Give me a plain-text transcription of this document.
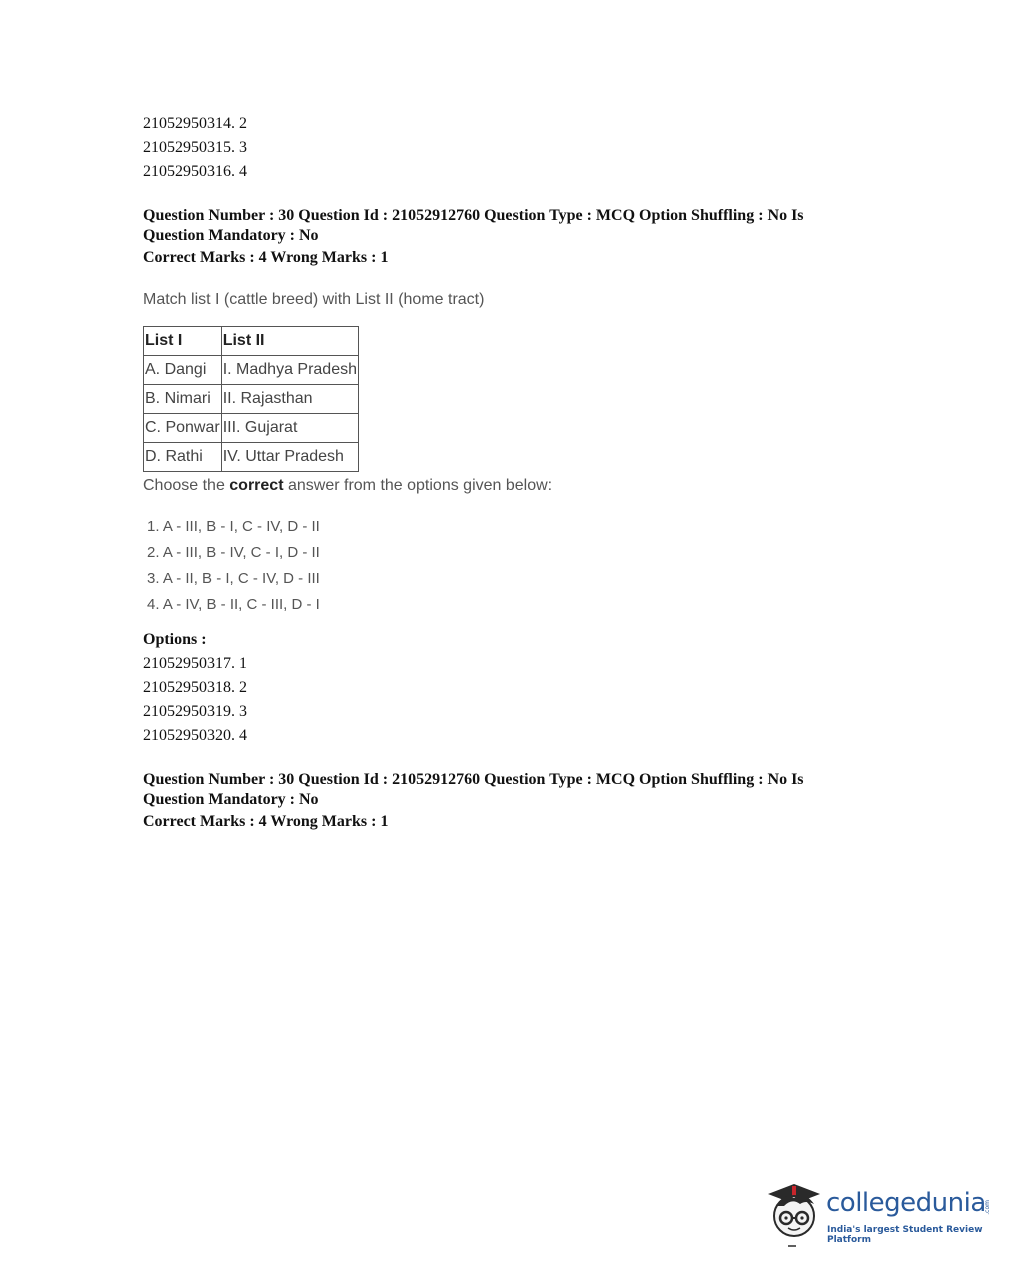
21052950314. 2
21052950315. 3
21052950316. 4
Question Number : 30 Question Id : 21052912760 Question Type : MCQ Option Shuffling : No Is
Question Mandatory : No
Correct Marks : 4 Wrong Marks : 1
Match list I (cattle breed) with List II (home tract)
List I	List II
A. Dangi	I. Madhya Pradesh
B. Nimari	II. Rajasthan
C. Ponwar	III. Gujarat
D. Rathi	IV. Uttar Pradesh
Choose the correct answer from the options given below:
1. A - III, B - I, C - IV, D - II
2. A - III, B - IV, C - I, D - II
3. A - II, B - I, C - IV, D - III
4. A - IV, B - II, C - III, D - I
Options :
21052950317. 1
21052950318. 2
21052950319. 3
21052950320. 4
Question Number : 30 Question Id : 21052912760 Question Type : MCQ Option Shuffling : No Is
Question Mandatory : No
Correct Marks : 4 Wrong Marks : 1
collegedunia
.com
India's largest Student Review Platform
